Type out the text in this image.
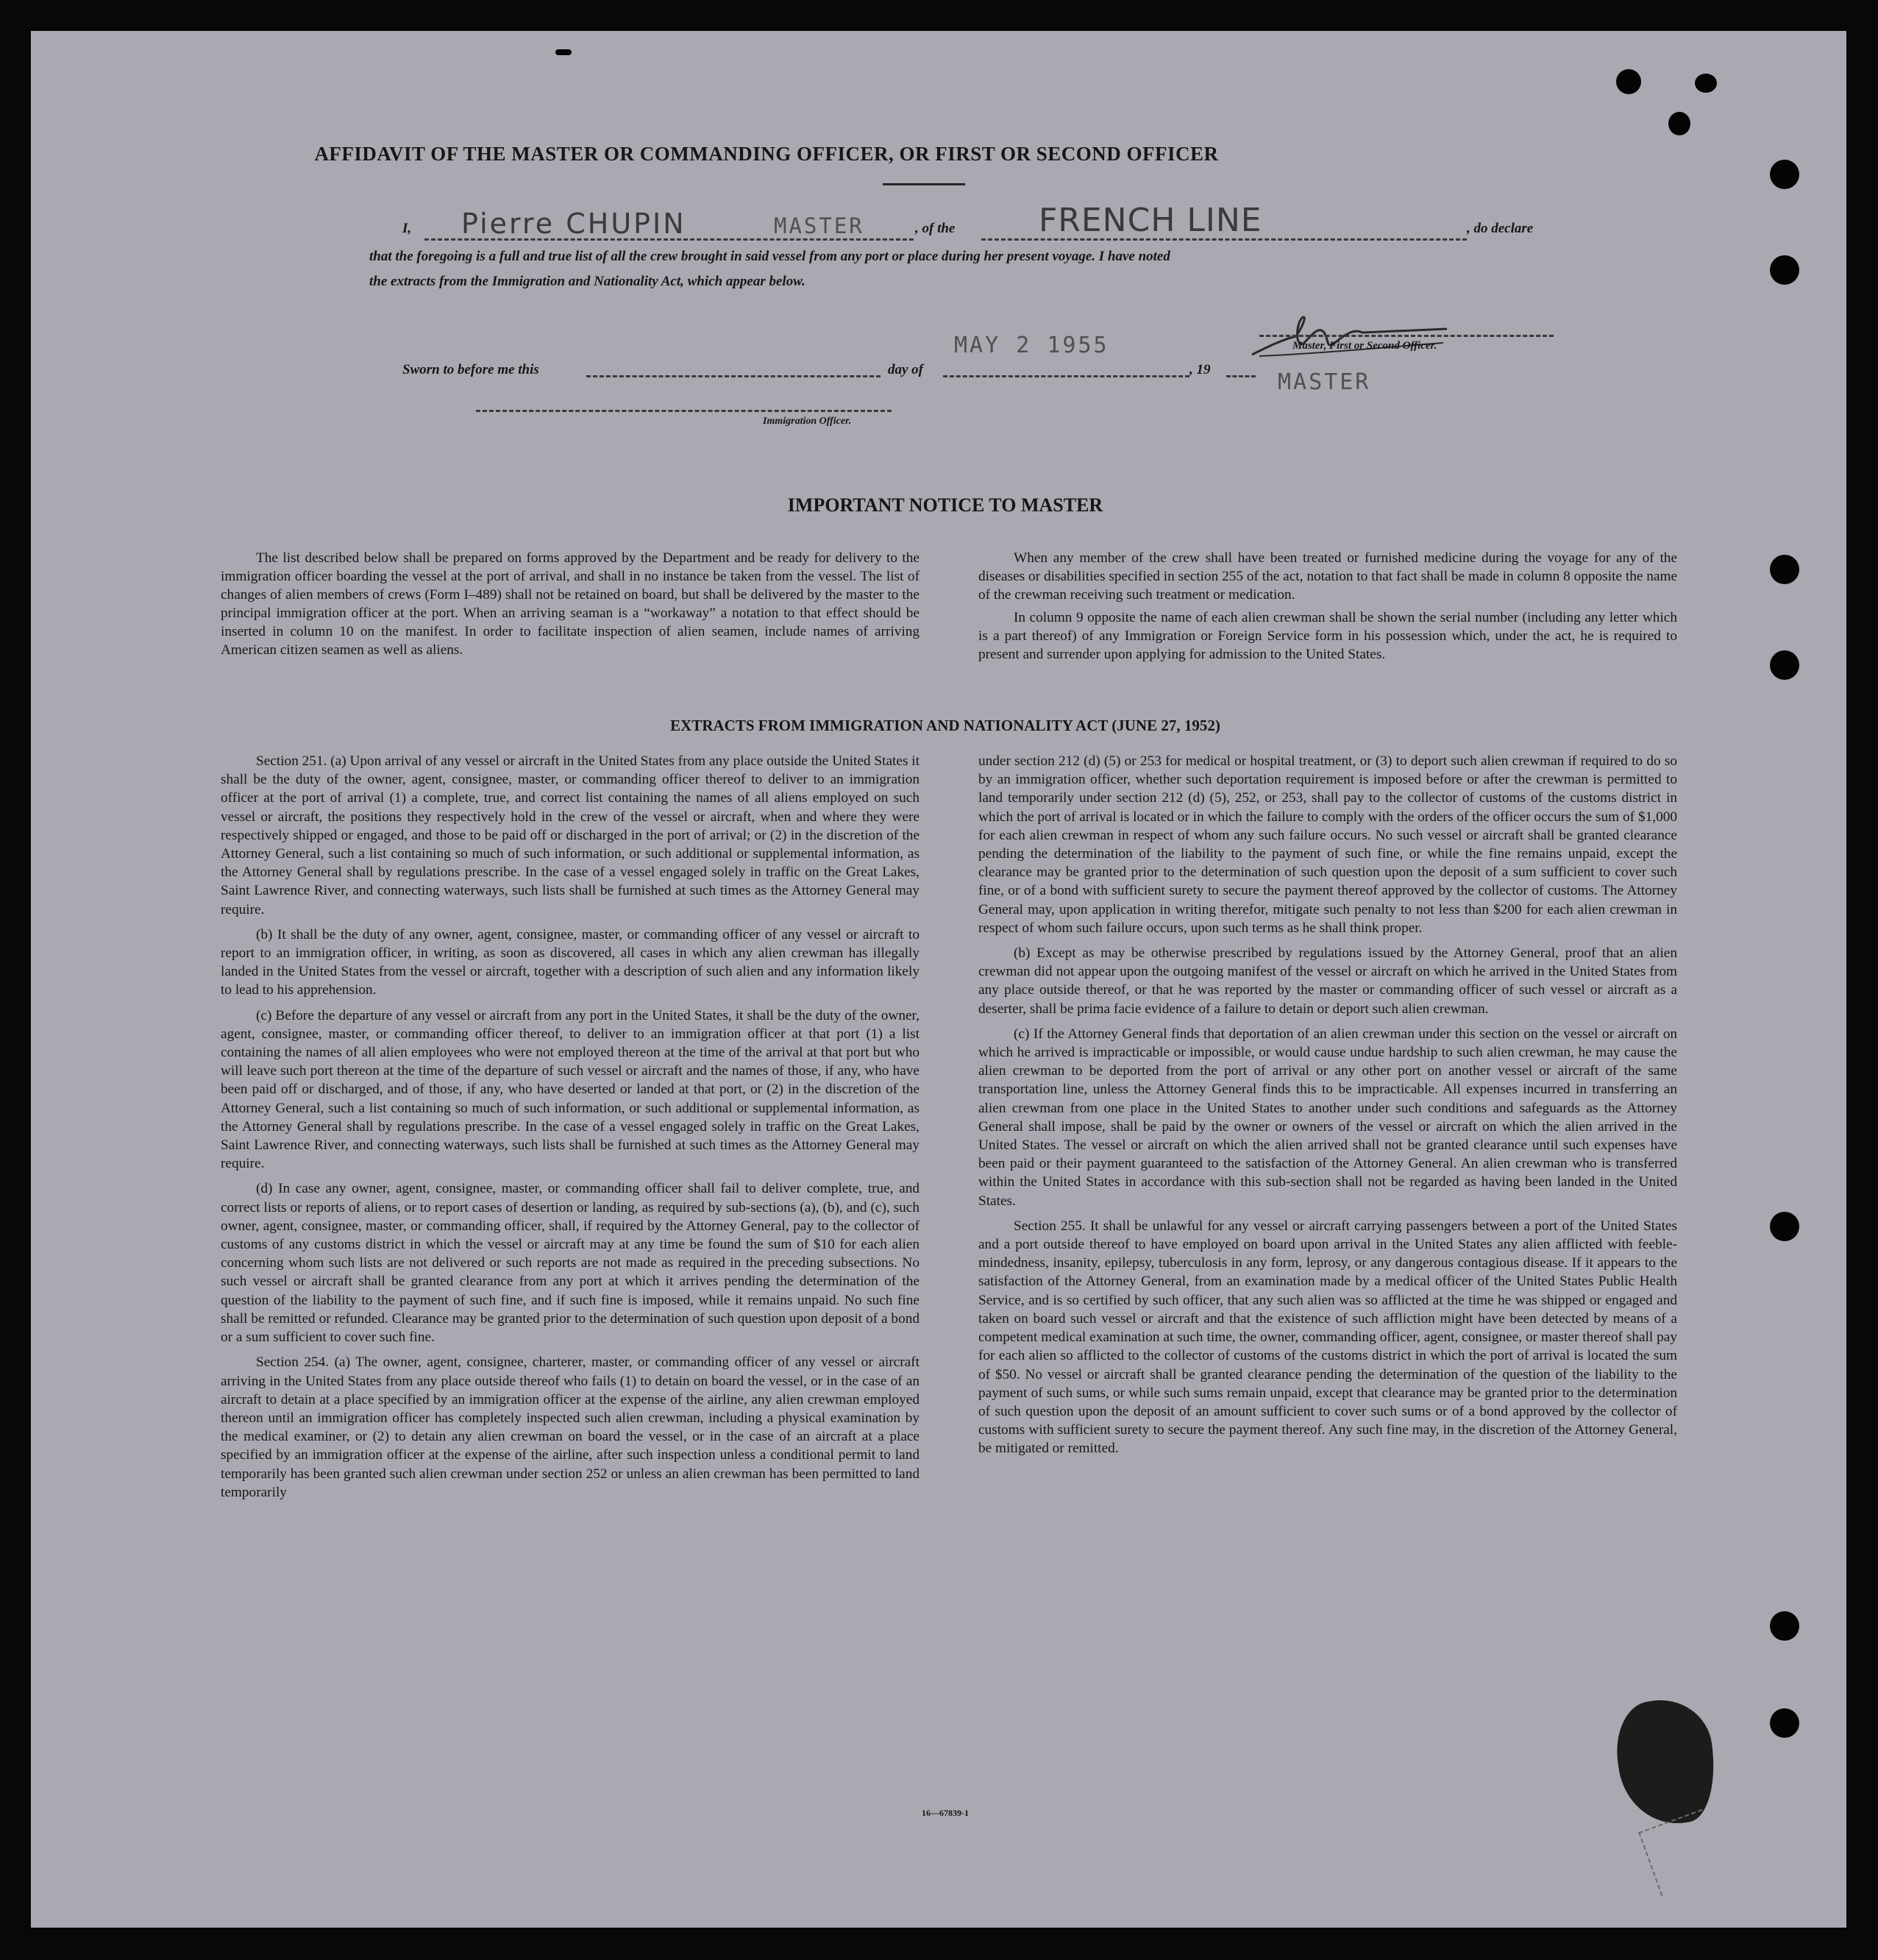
AFFIDAVIT OF THE MASTER OR COMMANDING OFFICER, OR FIRST OR SECOND OFFICER
I, Pierre CHUPIN	MASTER	, of the	FRENCH LINE	, do declare
that the foregoing is a full and true list of all the crew brought in said vessel from any port or place during her present voyage. I have noted
the extracts from the Immigration and Nationality Act, which appear below.
Master, First or Second Officer.
MASTER
Sworn to before me this	day of
MAY 2 1955
, 19
Immigration Officer.
IMPORTANT NOTICE TO MASTER

The list described below shall be prepared on forms approved by the Department and be ready for delivery to the immigration officer boarding the vessel at the port of arrival, and shall in no instance be taken from the vessel. The list of changes of alien members of crews (Form I–489) shall not be retained on board, but shall be delivered by the master to the principal immigration officer at the port. When an arriving seaman is a “workaway” a notation to that effect should be inserted in column 10 on the manifest. In order to facilitate inspection of alien seamen, include names of arriving American citizen seamen as well as aliens.

When any member of the crew shall have been treated or furnished medicine during the voyage for any of the diseases or disabilities specified in section 255 of the act, notation to that fact shall be made in column 8 opposite the name of the crewman receiving such treatment or medication.

In column 9 opposite the name of each alien crewman shall be shown the serial number (including any letter which is a part thereof) of any Immigration or Foreign Service form in his possession which, under the act, he is required to present and surrender upon applying for admission to the United States.

EXTRACTS FROM IMMIGRATION AND NATIONALITY ACT (JUNE 27, 1952)

Section 251. (a) Upon arrival of any vessel or aircraft in the United States from any place outside the United States it shall be the duty of the owner, agent, consignee, master, or commanding officer thereof to deliver to an immigration officer at the port of arrival (1) a complete, true, and correct list containing the names of all aliens employed on such vessel or aircraft, the positions they respectively hold in the crew of the vessel or aircraft, when and where they were respectively shipped or engaged, and those to be paid off or discharged in the port of arrival; or (2) in the discretion of the Attorney General, such a list containing so much of such information, or such additional or supplemental information, as the Attorney General shall by regulations prescribe. In the case of a vessel engaged solely in traffic on the Great Lakes, Saint Lawrence River, and connecting waterways, such lists shall be furnished at such times as the Attorney General may require.

(b) It shall be the duty of any owner, agent, consignee, master, or commanding officer of any vessel or aircraft to report to an immigration officer, in writing, as soon as discovered, all cases in which any alien crewman has illegally landed in the United States from the vessel or aircraft, together with a description of such alien and any information likely to lead to his apprehension.

(c) Before the departure of any vessel or aircraft from any port in the United States, it shall be the duty of the owner, agent, consignee, master, or commanding officer thereof, to deliver to an immigration officer at that port (1) a list containing the names of all alien employees who were not employed thereon at the time of the arrival at that port but who will leave such port thereon at the time of the departure of such vessel or aircraft and the names of those, if any, who have been paid off or discharged, and of those, if any, who have deserted or landed at that port, or (2) in the discretion of the Attorney General, such a list containing so much of such information, or such additional or supplemental information, as the Attorney General shall by regulations prescribe. In the case of a vessel engaged solely in traffic on the Great Lakes, Saint Lawrence River, and connecting waterways, such lists shall be furnished at such times as the Attorney General may require.

(d) In case any owner, agent, consignee, master, or commanding officer shall fail to deliver complete, true, and correct lists or reports of aliens, or to report cases of desertion or landing, as required by sub-sections (a), (b), and (c), such owner, agent, consignee, master, or commanding officer, shall, if required by the Attorney General, pay to the collector of customs of any customs district in which the vessel or aircraft may at any time be found the sum of $10 for each alien concerning whom such lists are not delivered or such reports are not made as required in the preceding subsections. No such vessel or aircraft shall be granted clearance from any port at which it arrives pending the determination of the question of the liability to the payment of such fine, and if such fine is imposed, while it remains unpaid. No such fine shall be remitted or refunded. Clearance may be granted prior to the determination of such question upon deposit of a bond or a sum sufficient to cover such fine.

Section 254. (a) The owner, agent, consignee, charterer, master, or commanding officer of any vessel or aircraft arriving in the United States from any place outside thereof who fails (1) to detain on board the vessel, or in the case of an aircraft to detain at a place specified by an immigration officer at the expense of the airline, any alien crewman employed thereon until an immigration officer has completely inspected such alien crewman, including a physical examination by the medical examiner, or (2) to detain any alien crewman on board the vessel, or in the case of an aircraft at a place specified by an immigration officer at the expense of the airline, after such inspection unless a conditional permit to land temporarily has been granted such alien crewman under section 252 or unless an alien crewman has been permitted to land temporarily

under section 212 (d) (5) or 253 for medical or hospital treatment, or (3) to deport such alien crewman if required to do so by an immigration officer, whether such deportation requirement is imposed before or after the crewman is permitted to land temporarily under section 212 (d) (5), 252, or 253, shall pay to the collector of customs of the customs district in which the port of arrival is located or in which the failure to comply with the orders of the officer occurs the sum of $1,000 for each alien crewman in respect of whom any such failure occurs. No such vessel or aircraft shall be granted clearance pending the determination of the liability to the payment of such fine, or while the fine remains unpaid, except the clearance may be granted prior to the determination of such question upon the deposit of a sum sufficient to cover such fine, or of a bond with sufficient surety to secure the payment thereof approved by the collector of customs. The Attorney General may, upon application in writing therefor, mitigate such penalty to not less than $200 for each alien crewman in respect of whom such failure occurs, upon such terms as he shall think proper.

(b) Except as may be otherwise prescribed by regulations issued by the Attorney General, proof that an alien crewman did not appear upon the outgoing manifest of the vessel or aircraft on which he arrived in the United States from any place outside thereof, or that he was reported by the master or commanding officer of such vessel or aircraft as a deserter, shall be prima facie evidence of a failure to detain or deport such alien crewman.

(c) If the Attorney General finds that deportation of an alien crewman under this section on the vessel or aircraft on which he arrived is impracticable or impossible, or would cause undue hardship to such alien crewman, he may cause the alien crewman to be deported from the port of arrival or any other port on another vessel or aircraft of the same transportation line, unless the Attorney General finds this to be impracticable. All expenses incurred in transferring an alien crewman from one place in the United States to another under such conditions and safeguards as the Attorney General shall impose, shall be paid by the owner or owners of the vessel or aircraft on which the alien arrived in the United States. The vessel or aircraft on which the alien arrived shall not be granted clearance until such expenses have been paid or their payment guaranteed to the satisfaction of the Attorney General. An alien crewman who is transferred within the United States in accordance with this sub-section shall not be regarded as having been landed in the United States.

Section 255. It shall be unlawful for any vessel or aircraft carrying passengers between a port of the United States and a port outside thereof to have employed on board upon arrival in the United States any alien afflicted with feeble-mindedness, insanity, epilepsy, tuberculosis in any form, leprosy, or any dangerous contagious disease. If it appears to the satisfaction of the Attorney General, from an examination made by a medical officer of the United States Public Health Service, and is so certified by such officer, that any such alien was so afflicted at the time he was shipped or engaged and taken on board such vessel or aircraft and that the existence of such affliction might have been detected by means of a competent medical examination at such time, the owner, commanding officer, agent, consignee, or master thereof shall pay for each alien so afflicted to the collector of customs of the customs district in which the port of arrival is located the sum of $50. No vessel or aircraft shall be granted clearance pending the determination of the question of the liability to the payment of such sums, or while such sums remain unpaid, except that clearance may be granted prior to the determination of such question upon the deposit of an amount sufficient to cover such sums or of a bond approved by the collector of customs with sufficient surety to secure the payment thereof. Any such fine may, in the discretion of the Attorney General, be mitigated or remitted.

16—67839-1
